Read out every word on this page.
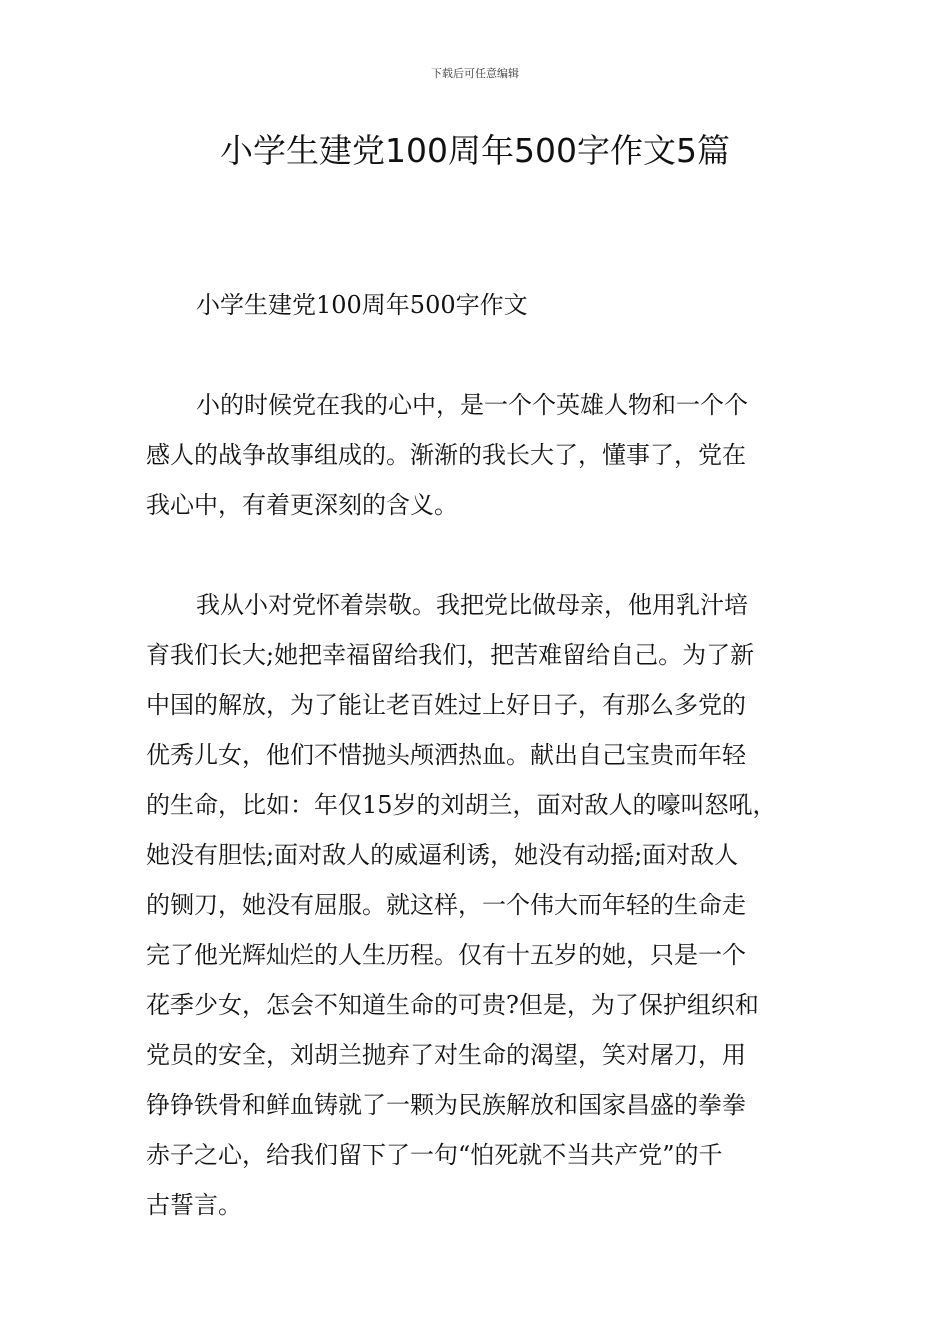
下载后可任意编辑
小学生建党100周年500字作文5篇

小学生建党100周年500字作文

小的时候党在我的心中，是一个个英雄人物和一个个
感人的战争故事组成的。渐渐的我长大了，懂事了，党在
我心中，有着更深刻的含义。
我从小对党怀着崇敬。我把党比做母亲，他用乳汁培
育我们长大;她把幸福留给我们，把苦难留给自己。为了新
中国的解放，为了能让老百姓过上好日子，有那么多党的
优秀儿女，他们不惜抛头颅洒热血。献出自己宝贵而年轻
的生命，比如：年仅15岁的刘胡兰，面对敌人的嚎叫怒吼，
她没有胆怯;面对敌人的威逼利诱，她没有动摇;面对敌人
的铡刀，她没有屈服。就这样，一个伟大而年轻的生命走
完了他光辉灿烂的人生历程。仅有十五岁的她，只是一个
花季少女，怎会不知道生命的可贵?但是，为了保护组织和
党员的安全，刘胡兰抛弃了对生命的渴望，笑对屠刀，用
铮铮铁骨和鲜血铸就了一颗为民族解放和国家昌盛的拳拳
赤子之心，给我们留下了一句“怕死就不当共产党”的千
古誓言。
